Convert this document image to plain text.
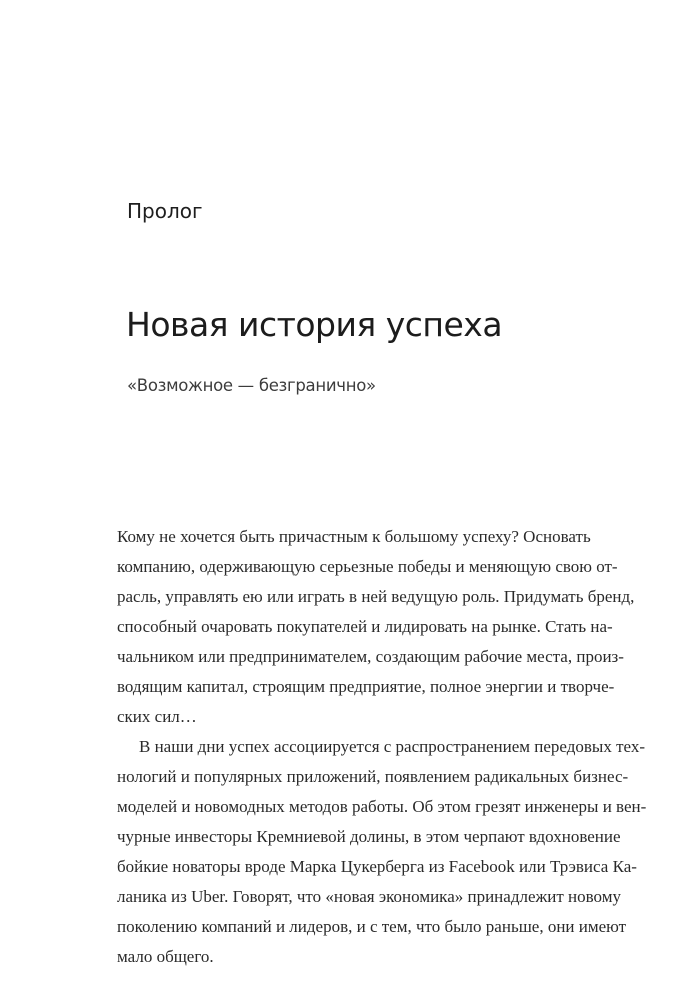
Пролог
Новая история успеха
«Возможное — безгранично»
Кому не хочется быть причастным к большому успеху? Основать
компанию, одерживающую серьезные победы и меняющую свою от-
расль, управлять ею или играть в ней ведущую роль. Придумать бренд,
способный очаровать покупателей и лидировать на рынке. Стать на-
чальником или предпринимателем, создающим рабочие места, произ-
водящим капитал, строящим предприятие, полное энергии и творче-
ских сил…
В наши дни успех ассоциируется с распространением передовых тех-
нологий и популярных приложений, появлением радикальных бизнес-
моделей и новомодных методов работы. Об этом грезят инженеры и вен-
чурные инвесторы Кремниевой долины, в этом черпают вдохновение
бойкие новаторы вроде Марка Цукерберга из Facebook или Трэвиса Ка-
ланика из Uber. Говорят, что «новая экономика» принадлежит новому
поколению компаний и лидеров, и с тем, что было раньше, они имеют
мало общего.
